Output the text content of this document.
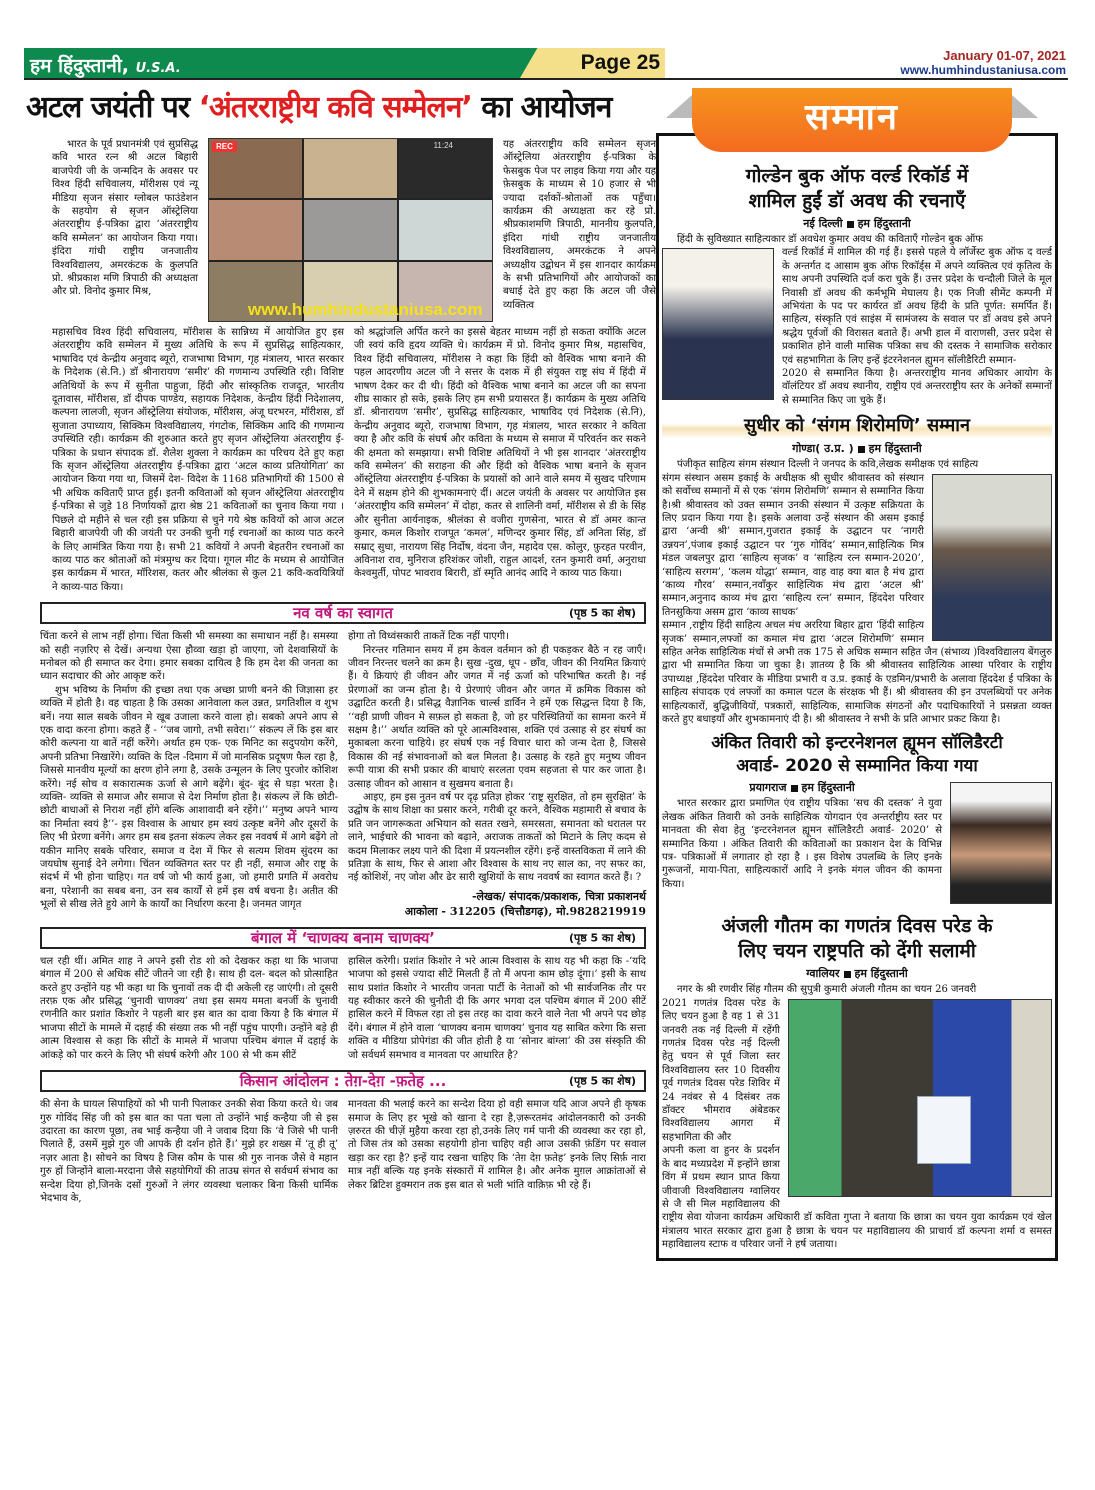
हम हिंदुस्तानी, U.S.A.	Page 25	January 01-07, 2021
www.humhindustaniusa.com
अटल जयंती पर ‘अंतरराष्ट्रीय कवि सम्मेलन’ का आयोजन

भारत के पूर्व प्रधानमंत्री एवं सुप्रसिद्ध कवि भारत रत्न श्री अटल बिहारी बाजपेयी जी के जन्मदिन के अवसर पर विश्व हिंदी सचिवालय, मॉरीशस एवं न्यू मीडिया सृजन संसार ग्लोबल फाउंडेशन के सहयोग से सृजन ऑस्ट्रेलिया अंतरराष्ट्रीय ई-पत्रिका द्वारा ‘अंतरराष्ट्रीय कवि सम्मेलन’ का आयोजन किया गया। इंदिरा गांधी राष्ट्रीय जनजातीय विश्वविद्यालय, अमरकंटक के कुलपति प्रो. श्रीप्रकाश मणि त्रिपाठी की अध्यक्षता और प्रो. विनोद कुमार मिश्र,

REC	11:24
www.humhindustaniusa.com

यह अंतरराष्ट्रीय कवि सम्मेलन सृजन ऑस्ट्रेलिया अंतरराष्ट्रीय ई-पत्रिका के फेसबुक पेज पर लाइव किया गया और यह फ़ेसबुक के माध्यम से 10 हजार से भी ज्यादा दर्शकों-श्रोताओं तक पहुँचा। कार्यक्रम की अध्यक्षता कर रहे प्रो. श्रीप्रकाशमणि त्रिपाठी, माननीय कुलपति, इंदिरा गांधी राष्ट्रीय जनजातीय विश्वविद्यालय, अमरकंटक ने अपने अध्यक्षीय उद्बोधन में इस शानदार कार्यक्रम के सभी प्रतिभागियों और आयोजकों का बधाई देते हुए कहा कि अटल जी जैसे व्यक्तित्व

महासचिव विश्व हिंदी सचिवालय, मॉरीशस के सान्निध्य में आयोजित हुए इस अंतरराष्ट्रीय कवि सम्मेलन में मुख्य अतिथि के रूप में सुप्रसिद्ध साहित्यकार, भाषाविद एवं केन्द्रीय अनुवाद ब्यूरो, राजभाषा विभाग, गृह मंत्रालय, भारत सरकार के निदेशक (से.नि.) डॉ श्रीनारायण ‘समीर’ की गणमान्य उपस्थिति रही। विशिष्ट अतिथियों के रूप में सुनीता पाहुजा, हिंदी और सांस्कृतिक राजदूत, भारतीय दूतावास, मॉरीशस, डॉ दीपक पाण्डेय, सहायक निदेशक, केन्द्रीय हिंदी निदेशालय, कल्पना लालजी, सृजन ऑस्ट्रेलिया संयोजक, मॉरीशस, अंजू घरभरन, मॉरीशस, डॉ सुजाता उपाध्याय, सिक्किम विश्वविद्यालय, गंगटोक, सिक्किम आदि की गणमान्य उपस्थिति रही। कार्यक्रम की शुरुआत करते हुए सृजन ऑस्ट्रेलिया अंतरराष्ट्रीय ई-पत्रिका के प्रधान संपादक डॉ. शैलेश शुक्ला ने कार्यक्रम का परिचय देते हुए कहा कि सृजन ऑस्ट्रेलिया अंतरराष्ट्रीय ई-पत्रिका द्वारा ‘अटल काव्य प्रतियोगिता’ का आयोजन किया गया था, जिसमें देश- विदेश के 1168 प्रतिभागियों की 1500 से भी अधिक कविताएँ प्राप्त हुईं। इतनी कविताओं को सृजन ऑस्ट्रेलिया अंतरराष्ट्रीय ई-पत्रिका से जुड़े 18 निर्णायकों द्वारा श्रेष्ठ 21 कविताओं का चुनाव किया गया । पिछले दो महीने से चल रही इस प्रक्रिया से चुने गये श्रेष्ठ कवियों को आज अटल बिहारी बाजपेयी जी की जयंती पर उनकी चुनी गई रचनाओं का काव्य पाठ करने के लिए आमंत्रित किया गया है। सभी 21 कवियों ने अपनी बेहतरीन रचनाओं का काव्य पाठ कर श्रोताओं को मंत्रमुग्ध कर दिया। गूगल मीट के मध्यम से आयोजित इस कार्यक्रम में भारत, मॉरिशस, कतर और श्रीलंका से कुल 21 कवि-कवयित्रियों ने काव्य-पाठ किया।

को श्रद्धांजलि अर्पित करने का इससे बेहतर माध्यम नहीं हो सकता क्योंकि अटल जी स्वयं कवि हृदय व्यक्ति थे। कार्यक्रम में प्रो. विनोद कुमार मिश्र, महासचिव, विश्व हिंदी सचिवालय, मॉरीशस ने कहा कि हिंदी को वैश्विक भाषा बनाने की पहल आदरणीय अटल जी ने सत्तर के दशक में ही संयुक्त राष्ट्र संघ में हिंदी में भाषण देकर कर दी थी। हिंदी को वैश्विक भाषा बनाने का अटल जी का सपना शीघ्र साकार हो सके, इसके लिए हम सभी प्रयासरत हैं। कार्यक्रम के मुख्य अतिथि डॉ. श्रीनारायण ‘समीर’, सुप्रसिद्ध साहित्यकार, भाषाविद एवं निदेशक (से.नि), केन्द्रीय अनुवाद ब्यूरो, राजभाषा विभाग, गृह मंत्रालय, भारत सरकार ने कविता क्या है और कवि के संघर्ष और कविता के मध्यम से समाज में परिवर्तन कर सकने की क्षमता को समझाया। सभी विशिष्ट अतिथियों ने भी इस शानदार ‘अंतरराष्ट्रीय कवि सम्मेलन’ की सराहना की और हिंदी को वैश्विक भाषा बनाने के सृजन ऑस्ट्रेलिया अंतरराष्ट्रीय ई-पत्रिका के प्रयासों को आने वाले समय में सुखद परिणाम देने में सक्षम होने की शुभकामनाएं दीं। अटल जयंती के अवसर पर आयोजित इस ‘अंतरराष्ट्रीय कवि सम्मेलन’ में दोहा, कतर से शालिनी वर्मा, मॉरीशस से डी के सिंह और सुनीता आर्यनाइक, श्रीलंका से वजीरा गुणसेना, भारत से डॉ अमर कान्त कुमार, कमल किशोर राजपूत ‘कमल’, मणिन्दर कुमार सिंह, डॉ अनिता सिंह, डॉ सम्राट् सुधा, नारायण सिंह निर्दोष, वंदना जैन, महादेव एस. कोलुर, फ़ुरहत परवीन, अविनाश राव, मुनिराज हरिशंकर जोशी, राहुल आदर्श, रतन कुमारी वर्मा, अनुराधा केश्वमुर्ती, पोपट भावराव बिरारी, डॉ स्मृति आनंद आदि ने काव्य पाठ किया।

नव वर्ष का स्वागत	(पृष्ठ 5 का शेष)

चिंता करने से लाभ नहीं होगा। चिंता किसी भी समस्या का समाधान नहीं है। समस्या को सही नज़रिए से देखें। अन्यथा ऐसा हौव्वा खड़ा हो जाएगा, जो देशवासियों के मनोबल को ही समाप्त कर देगा। हमार सबका दायित्व है कि हम देश की जनता का ध्यान सदाचार की ओर आकृष्ट करें।

शुभ भविष्य के निर्माण की इच्छा तथा एक अच्छा प्राणी बनने की जिज्ञासा हर व्यक्ति में होती है। वह चाहता है कि उसका आनेवाला कल उन्नत, प्रगतिशील व शुभ बनें। नया साल सबके जीवन मे खूब उजाला करने वाला हो। सबको अपने आप से एक वादा करना होगा। कहते हैं - ‘‘जब जागो, तभी सवेरा।’’ संकल्प लें कि इस बार कोरी कल्पना या बातें नहीं करेंगे। अर्थात हम एक- एक मिनिट का सदुपयोग करेंगे, अपनी प्रतिभा निखारेंगे। व्यक्ति के दिल -दिमाग में जो मानसिक प्रदूषण फैल रहा है, जिससे मानवीय मूल्यों का क्षरण होने लगा है, उसके उन्मूलन के लिए पुरजोर कोशिश करेंगे। नई सोच व सकारात्मक ऊर्जा से आगे बढ़ेंगे। बूंद- बूंद से घड़ा भरता है। व्यक्ति- व्यक्ति से समाज और समाज से देश निर्माण होता है। संकल्प लें कि छोटी- छोटी बाधाओं से निराश नहीं होंगे बल्कि आशावादी बने रहेंगे।’’ मनुष्य अपने भाग्य का निर्माता स्वयं है’’- इस विश्वास के आधार हम स्वयं उत्कृष्ट बनेंगे और दूसरों के लिए भी प्रेरणा बनेंगे। अगर हम सब इतना संकल्प लेकर इस नववर्ष में आगे बढ़ेंगे तो यकीन मानिए सबके परिवार, समाज व देश में फिर से सत्यम शिवम सुंदरम का जयघोष सुनाई देने लगेगा। चिंतन व्यक्तिगत स्तर पर ही नहीं, समाज और राष्ट्र के संदर्भ में भी होना चाहिए। गत वर्ष जो भी कार्य हुआ, जो हमारी प्रगति में अवरोध बना, परेशानी का सबब बना, उन सब कार्यों से हमें इस वर्ष बचना है। अतीत की भूलों से सीख लेते हुये आगे के कार्यों का निर्धारण करना है। जनमत जागृत

होगा तो विध्वंसकारी ताकतें टिक नहीं पाएगी।

निरन्तर गतिमान समय में हम केवल वर्तमान को ही पकड़कर बैठे न रह जाएँ। जीवन निरन्तर चलने का क्रम है। सुख -दुख, धूप - छाँव, जीवन की नियमित क्रियाएं हैं। ये क्रियाएं ही जीवन और जगत में नई ऊर्जा को परिभाषित करती है। नई प्रेरणाओं का जन्म होता है। ये प्रेरणाएं जीवन और जगत में क्रमिक विकास को उद्घाटित करती है। प्रसिद्ध वैज्ञानिक चार्ल्स डार्विन ने हमें एक सिद्धन्त दिया है कि, ‘‘वही प्राणी जीवन मे सफ़ल हो सकता है, जो हर परिस्थितियों का सामना करने में सक्षम है।’’ अर्थात व्यक्ति को पूरे आत्मविश्वास, शक्ति एवं उत्साह से हर संघर्ष का मुकाबला करना चाहिये। हर संघर्ष एक नई विचार धारा को जन्म देता है, जिससे विकास की नई संभावनाओं को बल मिलता है। उत्साह के रहते हुए मनुष्य जीवन रूपी यात्रा की सभी प्रकार की बाधाएं सरलता एवम सहजता से पार कर जाता है। उत्साह जीवन को आसान व सुखमय बनाता है।

आइए, हम इस नुतन वर्ष पर दृढ़ प्रतिज्ञ होकर ‘राष्ट्र सुरक्षित, तो हम सुरक्षित’ के उद्घोष के साथ शिक्षा का प्रसार करने, गरीबी दूर करने, वैश्विक महामारी से बचाव के प्रति जन जागरूकता अभियान को सतत रखने, समरसता, समानता को धरातल पर लाने, भाईचारे की भावना को बढ़ाने, अराजक ताकतों को मिटाने के लिए कदम से कदम मिलाकर लक्ष्य पाने की दिशा में प्रयत्नशील रहेंगे। इन्हें वास्तविकता में लाने की प्रतिज्ञा के साथ, फिर से आशा और विश्वास के साथ नए साल का, नए सफर का, नई कोशिशें, नए जोश और ढेर सारी खुशियों के साथ नववर्ष का स्वागत करते हैं। ?

-लेखक/ संपादक/प्रकाशक, चित्रा प्रकाशनर्थ
आकोला - 312205 (चित्तौडगढ़), मो.9828219919
बंगाल में ‘चाणक्य बनाम चाणक्य’	(पृष्ठ 5 का शेष)

चल रही थीं। अमित शाह ने अपने इसी रोड शो को देखकर कहा था कि भाजपा बंगाल में 200 से अधिक सीटें जीतने जा रही है। साथ ही दल- बदल को प्रोत्साहित करते हुए उन्होंने यह भी कहा था कि चुनावों तक दी दी अकेली रह जाएंगी। तो दूसरी तरफ़ एक और प्रसिद्ध ‘चुनावी चाणक्य’ तथा इस समय ममता बनर्जी के चुनावी रणनीति कार प्रशांत किशोर ने पहली बार इस बात का दावा किया है कि बंगाल में भाजपा सीटों के मामले में दहाई की संख्या तक भी नहीं पहुंच पाएगी। उन्होंने बड़े ही आत्म विश्वास से कहा कि सीटों के मामले में भाजपा पश्चिम बंगाल में दहाई के आंकड़े को पार करने के लिए भी संघर्ष करेगी और 100 से भी कम सीटें

हासिल करेगी। प्रशांत किशोर ने भरे आत्म विश्वास के साथ यह भी कहा कि -‘यदि भाजपा को इससे ज्यादा सीटें मिलती हैं तो मैं अपना काम छोड़ दूंगा।’ इसी के साथ साथ प्रशांत किशोर ने भारतीय जनता पार्टी के नेताओं को भी सार्वजनिक तौर पर यह स्वीकार करने की चुनौती दी कि अगर भगवा दल पश्चिम बंगाल में 200 सीटें हासिल करने में विफल रहा तो इस तरह का दावा करने वाले नेता भी अपने पद छोड़ देंगे। बंगाल में होने वाला ‘चाणक्य बनाम चाणक्य’ चुनाव यह साबित करेगा कि सत्ता शक्ति व मीडिया प्रोपेगंडा की जीत होती है या ‘सोनार बांग्ला’ की उस संस्कृति की जो सर्वधर्म समभाव व मानवता पर आधारित है?

किसान आंदोलन : तेग़-देग़ -फ़तेह ...	(पृष्ठ 5 का शेष)

की सेना के घायल सिपाहियों को भी पानी पिलाकर उनकी सेवा किया करते थे। जब गुरु गोविंद सिंह जी को इस बात का पता चला तो उन्होंने भाई कन्हैया जी से इस उदारता का कारण पूछा, तब भाई कन्हैया जी ने जवाब दिया कि ‘वे जिसे भी पानी पिलाते हैं, उसमें मुझे गुरु जी आपके ही दर्शन होते हैं।’ मुझे हर शख्स में ‘तू ही तू’ नज़र आता है। सोचने का विषय है जिस कौम के पास श्री गुरु नानक जैसे वे महान गुरु हों जिन्होंने बाला-मरदाना जैसे सहयोगियों की ताउम्र संगत से सर्वधर्म संभाव का सन्देश दिया हो,जिनके दसों गुरुओं ने लंगर व्यवस्था चलाकर बिना किसी धार्मिक भेदभाव के,

मानवता की भलाई करने का सन्देश दिया हो वही समाज यदि आज अपने ही कृषक समाज के लिए हर भूखे को खाना दे रहा है,ज़रूरतमंद आंदोलनकारी को उनकी ज़रुरत की चीज़ें मुहैया करवा रहा हो,उनके लिए गर्म पानी की व्यवस्था कर रहा हो, तो जिस तंत्र को उसका सहयोगी होना चाहिए वही आज उसकी फ़ंडिंग पर सवाल खड़ा कर रहा है? इन्हें याद रखना चाहिए कि ‘तेग़ देग़ फ़तेह’ इनके लिए सिर्फ़ नारा मात्र नहीं बल्कि यह इनके संस्कारों में शामिल है। और अनेक मुग़ल आक्रांताओं से लेकर ब्रिटिश हुक्मरान तक इस बात से भली भांति वाक़िफ़ भी रहे हैं।

गोल्डेन बुक ऑफ वर्ल्ड रिकॉर्ड में
शामिल हुईं डॉ अवध की रचनाएँ
नई दिल्ली हम हिंदुस्तानी

हिंदी के सुविख्यात साहित्यकार डॉ अवधेश कुमार अवध की कविताएँ गोल्डेन बुक ऑफ

वर्ल्ड रिकॉर्ड में शामिल की गई हैं। इससे पहले ये लॉर्जेस्ट बुक ऑफ द वर्ल्ड के अन्तर्गत द आसाम बुक ऑफ रिकॉर्ड्स में अपने व्यक्तित्व एवं कृतित्व के साथ अपनी उपस्थिति दर्ज करा चुके हैं। उत्तर प्रदेश के चन्दौली जिले के मूल निवासी डॉ अवध की कर्मभूमि मेघालय है। एक निजी सीमेंट कम्पनी में अभियंता के पद पर कार्यरत डॉ अवध हिंदी के प्रति पूर्णत: समर्पित हैं। साहित्य, संस्कृति एवं साइंस में सामंजस्य के सवाल पर डॉ अवध इसे अपने श्रद्धेय पूर्वजों की विरासत बताते हैं। अभी हाल में वाराणसी, उत्तर प्रदेश से प्रकाशित होने वाली मासिक पत्रिका सच की दस्तक ने सामाजिक सरोकार एवं सहभागिता के लिए इन्हें इंटरनेशनल ह्युमन सॉलीडैरिटी सम्मान-

2020 से सम्मानित किया है। अन्तरराष्ट्रीय मानव अधिकार आयोग के वॉलंटियर डॉ अवध स्थानीय, राष्ट्रीय एवं अन्तरराष्ट्रीय स्तर के अनेकों सम्मानों से सम्मानित किए जा चुके हैं।

सुधीर को ‘संगम शिरोमणि’ सम्मान
गोण्डा( उ.प्र. ) हम हिंदुस्तानी

पंजीकृत साहित्य संगम संस्थान दिल्ली ने जनपद के कवि,लेखक समीक्षक एवं साहित्य

संगम संस्थान असम इकाई के अधीक्षक श्री सुधीर श्रीवास्तव को संस्थान को सर्वोच्च सम्मानों में से एक ‘संगम शिरोमणि’ सम्मान से सम्मानित किया है।श्री श्रीवास्तव को उक्त सम्मान उनकी संस्थान में उत्कृष्ट सक्रियता के लिए प्रदान किया गया है। इसके अलावा उन्हें संस्थान की असम इकाई द्वारा ‘अन्वी श्री’ सम्मान,गुजरात इकाई के उद्घाटन पर ‘नागरी उन्नयन’,पंजाब इकाई उद्घाटन पर ‘गुरु गोविंद’ सम्मान,साहित्यिक मित्र मंडल जबलपुर द्वारा ‘साहित्य सृजक’ व ‘साहित्य रत्न सम्मान-2020’, ‘साहित्य सरगम’, ‘कलम योद्धा’ सम्मान, वाह वाह क्या बात है मंच द्वारा ‘काव्य गौरव’ सम्मान,नवाँकुर साहित्यिक मंच द्वारा ‘अटल श्री’ सम्मान,अनुनाद काव्य मंच द्वारा ‘साहित्य रत्न’ सम्मान, हिंददेश परिवार तिनसुकिया असम द्वारा ‘काव्य साधक’

सम्मान ,राष्ट्रीय हिंदी साहित्य अचल मंच अररिया बिहार द्वारा ‘हिंदी साहित्य सृजक’ सम्मान,लफ्जों का कमाल मंच द्वारा ‘अटल शिरोमणि’ सम्मान सहित अनेक साहित्यिक मंचों से अभी तक 175 से अधिक सम्मान सहित जैन (संभाव्य )विश्वविद्यालय बेंगलुरु द्वारा भी सम्मानित किया जा चुका है। ज्ञातव्य है कि श्री श्रीवास्तव साहित्यिक आस्था परिवार के राष्ट्रीय उपाध्यक्ष ,हिंददेश परिवार के मीडिया प्रभारी व उ.प्र. इकाई के एडमिन/प्रभारी के अलावा हिंददेश ई पत्रिका के साहित्य संपादक एवं लफ्जों का कमाल पटल के संरक्षक भी हैं। श्री श्रीवास्तव की इन उपलब्धियों पर अनेक साहित्यकारों, बुद्धिजीवियों, पत्रकारों, साहित्यिक, सामाजिक संगठनों और पदाधिकारियों ने प्रसन्नता व्यक्त करते हुए बधाइयाँ और शुभकामनाएं दी है। श्री श्रीवास्तव ने सभी के प्रति आभार प्रकट किया है।

अंकित तिवारी को इन्टरनेशनल ह्यूमन सॉलिडैरटी
अवार्ड- 2020 से सम्मानित किया गया
प्रयागराज हम हिंदुस्तानी

भारत सरकार द्वारा प्रमाणित एंव राष्ट्रीय पत्रिका ‘सच की दस्तक’ ने युवा लेखक अंकित तिवारी को उनके साहित्यिक योगदान एंव अन्तर्राष्ट्रीय स्तर पर मानवता की सेवा हेतु ‘इन्टरनेशनल ह्यूमन सॉलिडैरटी अवार्ड- 2020’ से सम्मानित किया । अंकित तिवारी की कविताओं का प्रकाशन देश के विभिन्न पत्र- पत्रिकाओं में लगातार हो रहा है । इस विशेष उपलब्धि के लिए इनके गुरूजनों, माया-पिता, साहित्यकारों आदि ने इनके मंगल जीवन की कामना किया।

अंजली गौतम का गणतंत्र दिवस परेड के
लिए चयन राष्ट्रपति को देंगी सलामी
ग्वालियर हम हिंदुस्तानी

नगर के श्री रणवीर सिंह गौतम की सुपुत्री कुमारी अंजली गौतम का चयन 26 जनवरी

2021 गणतंत्र दिवस परेड के लिए चयन हुआ है वह 1 से 31 जनवरी तक नई दिल्ली में रहेंगी गणतंत्र दिवस परेड नई दिल्ली हेतु चयन से पूर्व जिला स्तर विश्वविद्यालय स्तर 10 दिवसीय पूर्व गणतंत्र दिवस परेड शिविर में 24 नवंबर से 4 दिसंबर तक डॉक्टर भीमराव अंबेडकर विश्वविद्यालय आगरा में सहभागिता की और

अपनी कला वा हुनर के प्रदर्शन के बाद मध्यप्रदेश में इन्होंने छात्रा विंग में प्रथम स्थान प्राप्त किया जीवाजी विश्वविद्यालय ग्वालियर से जै सी मिल महाविद्यालय की राष्ट्रीय सेवा योजना कार्यक्रम अधिकारी डॉ कविता गुप्ता ने बताया कि छात्रा का चयन युवा कार्यक्रम एवं खेल मंत्रालय भारत सरकार द्वारा हुआ है छात्रा के चयन पर महाविद्यालय की प्राचार्य डॉ कल्पना शर्मा व समस्त महाविद्यालय स्टाफ व परिवार जनों ने हर्ष जताया।

सम्मान
